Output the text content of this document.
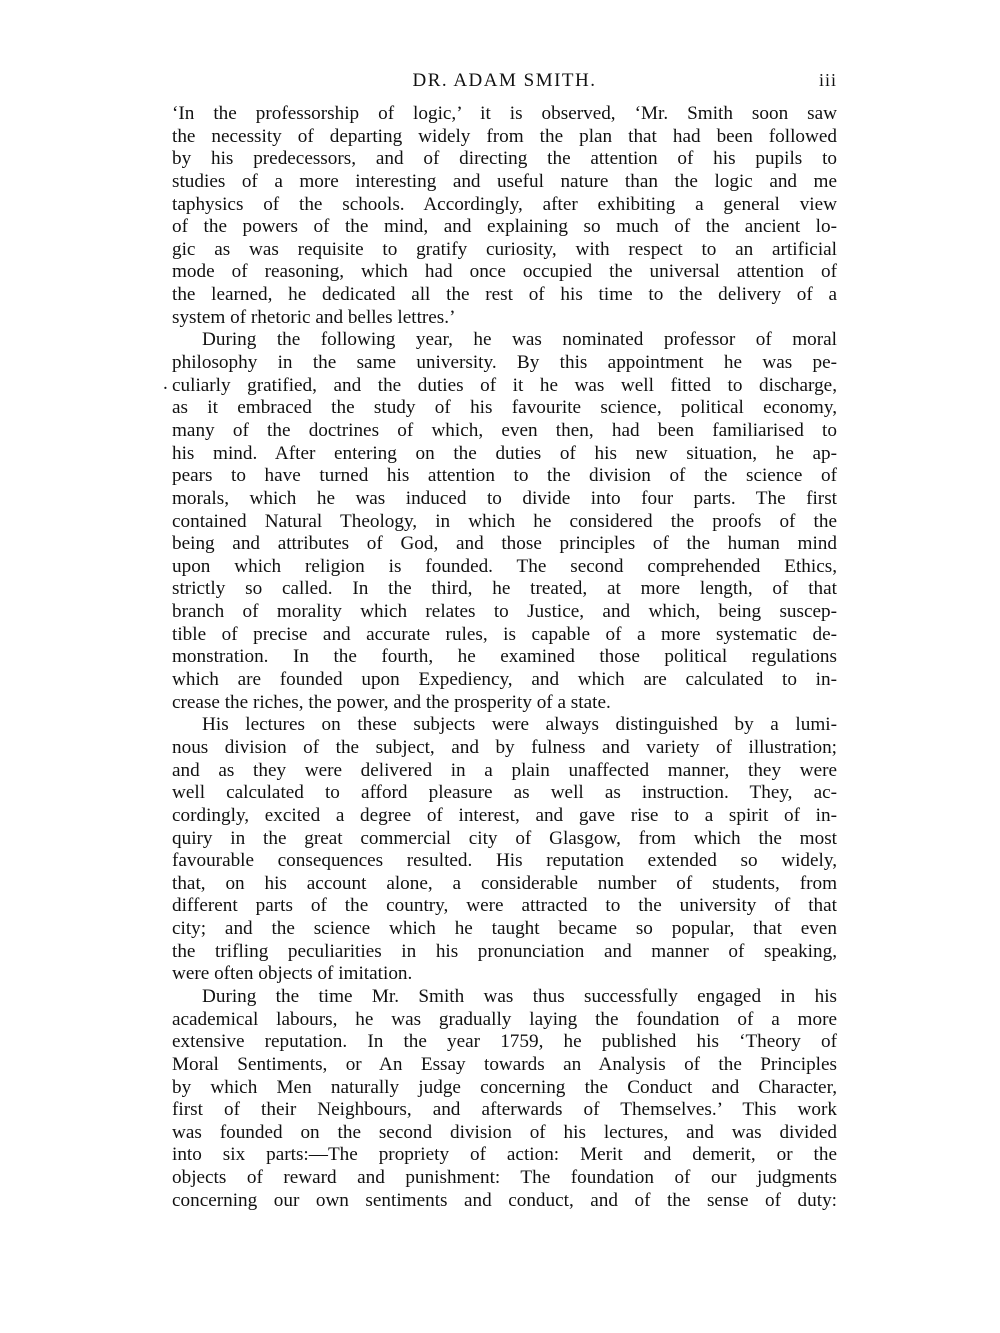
DR. ADAM SMITH.	iii
‘In the professorship of logic,’ it is observed, ‘Mr. Smith soon saw
the necessity of departing widely from the plan that had been followed
by his predecessors, and of directing the attention of his pupils to
studies of a more interesting and useful nature than the logic and me
taphysics of the schools. Accordingly, after exhibiting a general view
of the powers of the mind, and explaining so much of the ancient lo-
gic as was requisite to gratify curiosity, with respect to an artificial
mode of reasoning, which had once occupied the universal attention of
the learned, he dedicated all the rest of his time to the delivery of a
system of rhetoric and belles lettres.’
During the following year, he was nominated professor of moral
philosophy in the same university. By this appointment he was pe-
. culiarly gratified, and the duties of it he was well fitted to discharge,
as it embraced the study of his favourite science, political economy,
many of the doctrines of which, even then, had been familiarised to
his mind. After entering on the duties of his new situation, he ap-
pears to have turned his attention to the division of the science of
morals, which he was induced to divide into four parts. The first
contained Natural Theology, in which he considered the proofs of the
being and attributes of God, and those principles of the human mind
upon which religion is founded. The second comprehended Ethics,
strictly so called. In the third, he treated, at more length, of that
branch of morality which relates to Justice, and which, being suscep-
tible of precise and accurate rules, is capable of a more systematic de-
monstration. In the fourth, he examined those political regulations
which are founded upon Expediency, and which are calculated to in-
crease the riches, the power, and the prosperity of a state.
His lectures on these subjects were always distinguished by a lumi-
nous division of the subject, and by fulness and variety of illustration;
and as they were delivered in a plain unaffected manner, they were
well calculated to afford pleasure as well as instruction. They, ac-
cordingly, excited a degree of interest, and gave rise to a spirit of in-
quiry in the great commercial city of Glasgow, from which the most
favourable consequences resulted. His reputation extended so widely,
that, on his account alone, a considerable number of students, from
different parts of the country, were attracted to the university of that
city; and the science which he taught became so popular, that even
the trifling peculiarities in his pronunciation and manner of speaking,
were often objects of imitation.
During the time Mr. Smith was thus successfully engaged in his
academical labours, he was gradually laying the foundation of a more
extensive reputation. In the year 1759, he published his ‘Theory of
Moral Sentiments, or An Essay towards an Analysis of the Principles
by which Men naturally judge concerning the Conduct and Character,
first of their Neighbours, and afterwards of Themselves.’ This work
was founded on the second division of his lectures, and was divided
into six parts:—The propriety of action: Merit and demerit, or the
objects of reward and punishment: The foundation of our judgments
concerning our own sentiments and conduct, and of the sense of duty:
